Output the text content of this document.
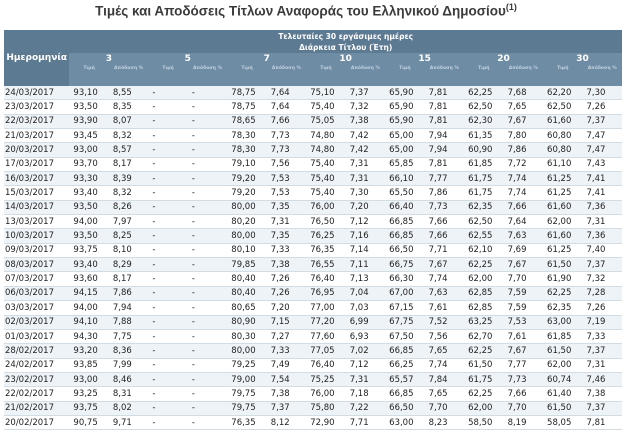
Τιμές και Αποδόσεις Τίτλων Αναφοράς του Ελληνικού Δημοσίου$^{(1)}$
Ημερομηνία	Τελευταίες 30 εργάσιμες ημέρες													
	Διάρκεια Τίτλου (Έτη)													
	3		5		7		10		15		20		30	
	Τιμή	Απόδοση %	Τιμή	Απόδοση %	Τιμή	Απόδοση %	Τιμή	Απόδοση %	Τιμή	Απόδοση %	Τιμή	Απόδοση %	Τιμή	Απόδοση %
24/03/2017	93,10	8,55	-	-	78,75	7,64	75,10	7,37	65,90	7,81	62,25	7,68	62,20	7,30
23/03/2017	93,50	8,35	-	-	78,75	7,64	75,40	7,32	65,90	7,81	62,50	7,65	62,50	7,26
22/03/2017	93,90	8,07	-	-	78,65	7,66	75,05	7,38	65,90	7,81	62,30	7,67	61,60	7,37
21/03/2017	93,45	8,32	-	-	78,30	7,73	74,80	7,42	65,00	7,94	61,35	7,80	60,80	7,47
20/03/2017	93,00	8,57	-	-	78,30	7,73	74,80	7,42	65,00	7,94	60,90	7,86	60,80	7,47
17/03/2017	93,70	8,17	-	-	79,10	7,56	75,40	7,31	65,85	7,81	61,85	7,72	61,10	7,43
16/03/2017	93,30	8,39	-	-	79,20	7,53	75,40	7,31	66,10	7,77	61,75	7,74	61,25	7,41
15/03/2017	93,40	8,32	-	-	79,20	7,53	75,40	7,30	65,50	7,86	61,75	7,74	61,25	7,41
14/03/2017	93,50	8,26	-	-	80,00	7,35	76,00	7,20	66,40	7,73	62,35	7,66	61,60	7,36
13/03/2017	94,00	7,97	-	-	80,20	7,31	76,50	7,12	66,85	7,66	62,50	7,64	62,00	7,31
10/03/2017	93,50	8,25	-	-	80,00	7,35	76,25	7,16	66,85	7,66	62,55	7,63	61,60	7,36
09/03/2017	93,75	8,10	-	-	80,10	7,33	76,35	7,14	66,50	7,71	62,10	7,69	61,25	7,40
08/03/2017	93,40	8,29	-	-	79,85	7,38	76,55	7,11	66,75	7,67	62,25	7,67	61,50	7,37
07/03/2017	93,60	8,17	-	-	80,40	7,26	76,40	7,13	66,30	7,74	62,00	7,70	61,90	7,32
06/03/2017	94,15	7,86	-	-	80,40	7,26	76,95	7,04	67,00	7,63	62,85	7,59	62,25	7,28
03/03/2017	94,00	7,94	-	-	80,65	7,20	77,00	7,03	67,15	7,61	62,85	7,59	62,35	7,26
02/03/2017	94,10	7,88	-	-	80,90	7,15	77,20	6,99	67,75	7,52	63,25	7,53	63,00	7,19
01/03/2017	94,30	7,75	-	-	80,30	7,27	77,60	6,93	67,50	7,56	62,70	7,61	61,85	7,33
28/02/2017	93,20	8,36	-	-	80,00	7,33	77,05	7,02	66,85	7,65	62,25	7,67	61,50	7,37
24/02/2017	93,85	7,99	-	-	79,25	7,49	76,40	7,12	66,25	7,74	61,50	7,77	62,00	7,31
23/02/2017	93,00	8,46	-	-	79,00	7,54	75,25	7,31	65,57	7,84	61,75	7,73	60,74	7,46
22/02/2017	93,25	8,31	-	-	79,75	7,38	76,00	7,18	66,85	7,65	62,25	7,66	61,40	7,38
21/02/2017	93,75	8,02	-	-	79,75	7,37	75,80	7,22	66,50	7,70	62,00	7,70	61,50	7,37
20/02/2017	90,75	9,71	-	-	76,35	8,12	72,90	7,71	63,00	8,23	58,50	8,19	58,05	7,81
